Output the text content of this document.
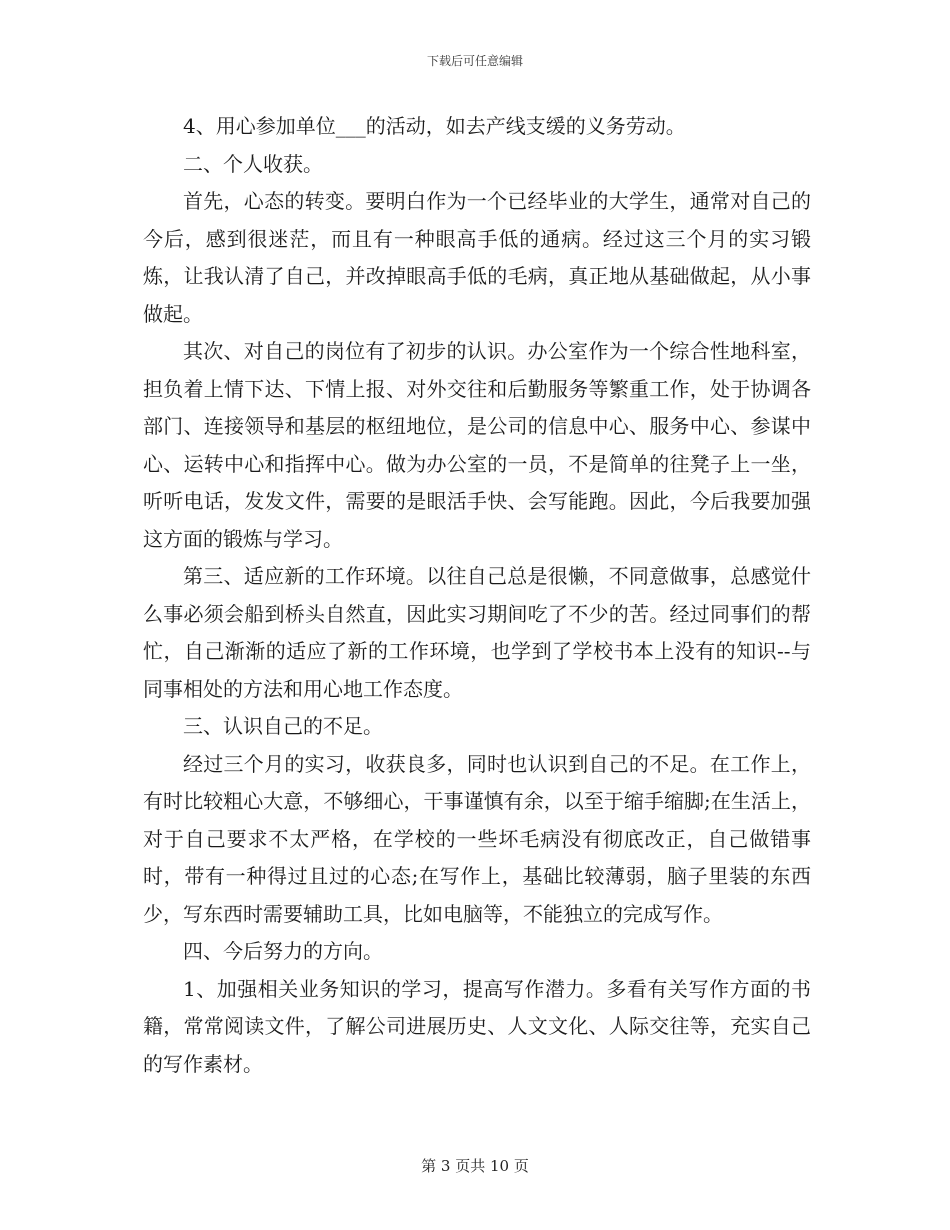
下载后可任意编辑

4、用心参加单位___的活动，如去产线支缓的义务劳动。

二、个人收获。

首先，心态的转变。要明白作为一个已经毕业的大学生，通常对自己的今后，感到很迷茫，而且有一种眼高手低的通病。经过这三个月的实习锻炼，让我认清了自己，并改掉眼高手低的毛病，真正地从基础做起，从小事做起。

其次、对自己的岗位有了初步的认识。办公室作为一个综合性地科室，担负着上情下达、下情上报、对外交往和后勤服务等繁重工作，处于协调各部门、连接领导和基层的枢纽地位，是公司的信息中心、服务中心、参谋中心、运转中心和指挥中心。做为办公室的一员，不是简单的往凳子上一坐，听听电话，发发文件，需要的是眼活手快、会写能跑。因此，今后我要加强这方面的锻炼与学习。

第三、适应新的工作环境。以往自己总是很懒，不同意做事，总感觉什么事必须会船到桥头自然直，因此实习期间吃了不少的苦。经过同事们的帮忙，自己渐渐的适应了新的工作环境，也学到了学校书本上没有的知识--与同事相处的方法和用心地工作态度。

三、认识自己的不足。

经过三个月的实习，收获良多，同时也认识到自己的不足。在工作上，有时比较粗心大意，不够细心，干事谨慎有余，以至于缩手缩脚;在生活上，对于自己要求不太严格，在学校的一些坏毛病没有彻底改正，自己做错事时，带有一种得过且过的心态;在写作上，基础比较薄弱，脑子里装的东西少，写东西时需要辅助工具，比如电脑等，不能独立的完成写作。

四、今后努力的方向。

1、加强相关业务知识的学习，提高写作潜力。多看有关写作方面的书籍，常常阅读文件，了解公司进展历史、人文文化、人际交往等，充实自己的写作素材。

第 3 页共 10 页
